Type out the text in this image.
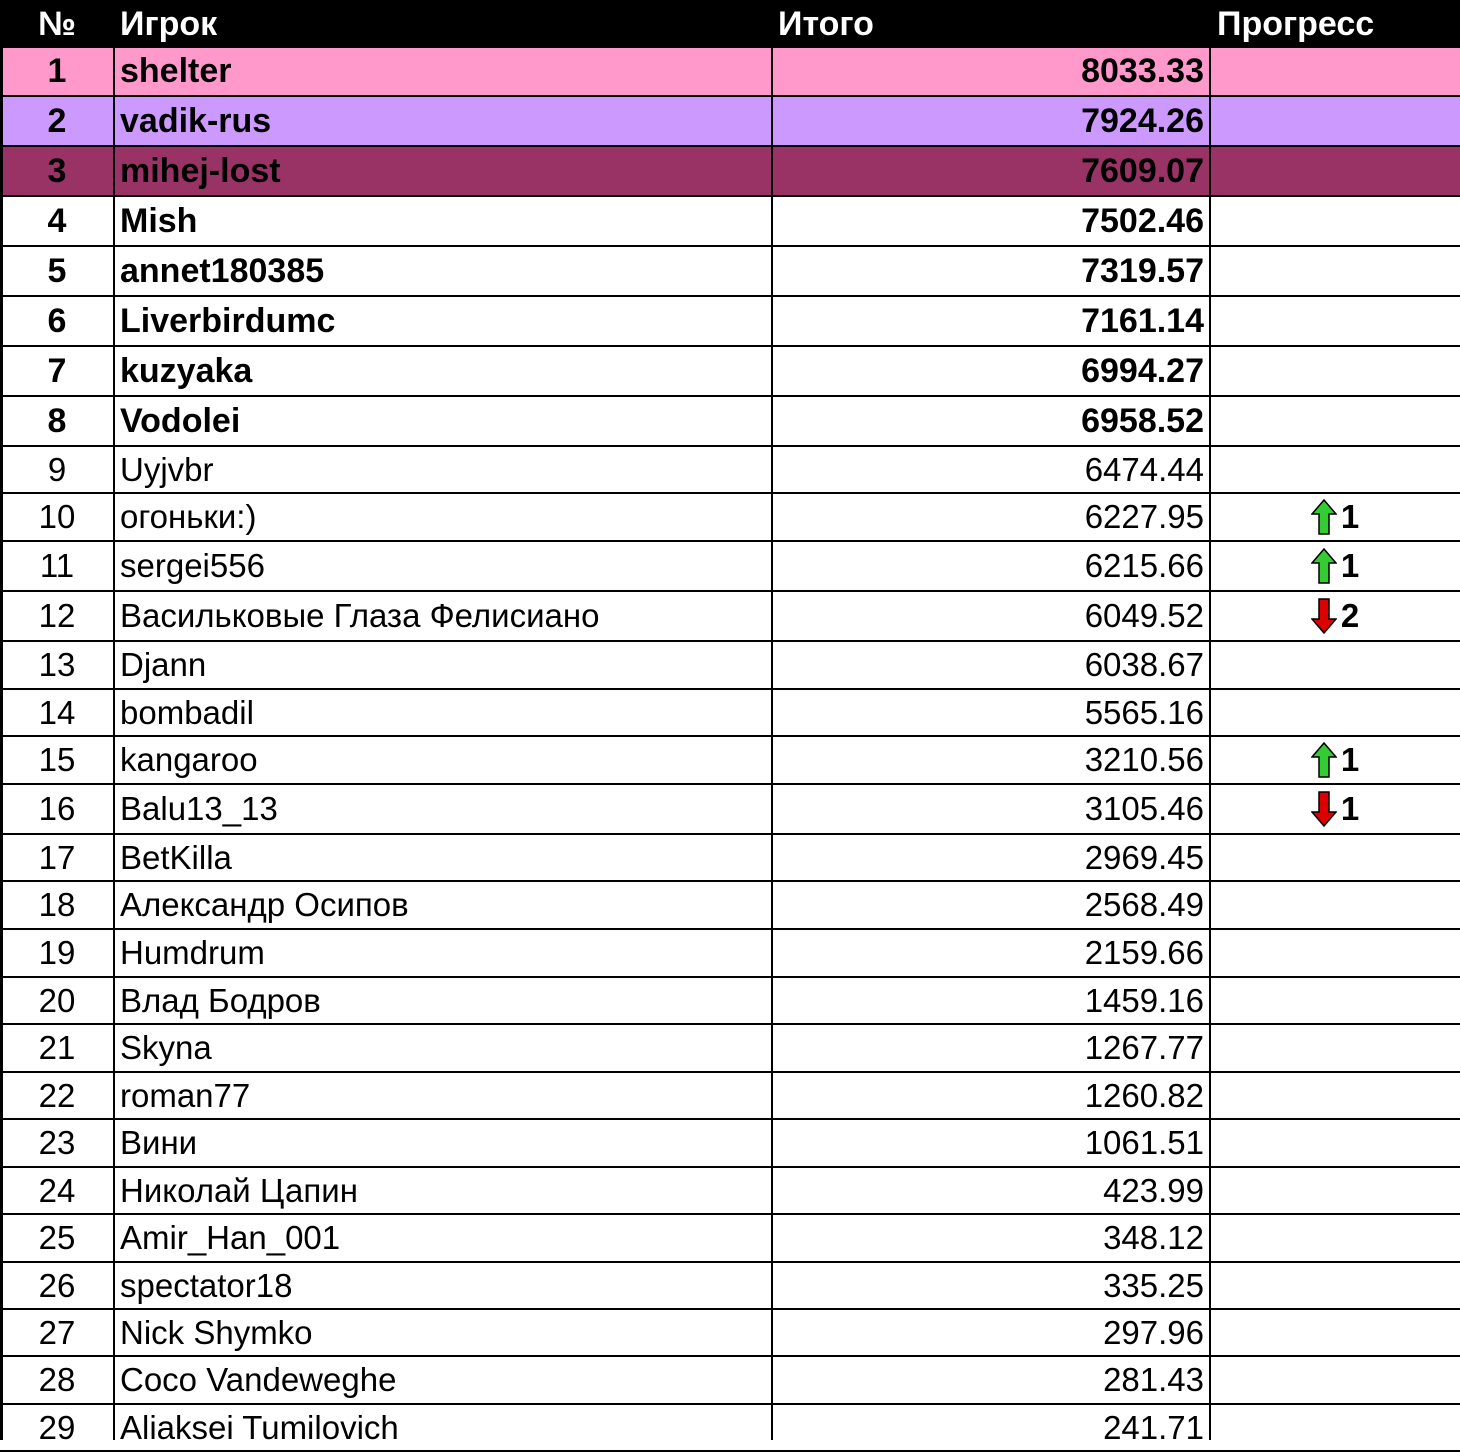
№ Игрок	Итого	Прогресс
1	shelter	8033.33
2	vadik-rus	7924.26
3	mihej-lost	7609.07
4	Mish	7502.46
5	annet180385	7319.57
6	Liverbirdumc	7161.14
7	kuzyaka	6994.27
8	Vodolei	6958.52
9	Uyjvbr	6474.44
10	огоньки:)	6227.95	1
11	sergei556	6215.66	1
12	Васильковые Глаза Фелисиано	6049.52	2
13	Djann	6038.67
14	bombadil	5565.16
15	kangaroo	3210.56	1
16	Balu13_13	3105.46	1
17	BetKilla	2969.45
18	Александр Осипов	2568.49
19	Humdrum	2159.66
20	Влад Бодров	1459.16
21	Skyna	1267.77
22	roman77	1260.82
23	Вини	1061.51
24	Николай Цапин	423.99
25	Amir_Han_001	348.12
26	spectator18	335.25
27	Nick Shymko	297.96
28	Coco Vandeweghe	281.43
29	Aliaksei Tumilovich	241.71
